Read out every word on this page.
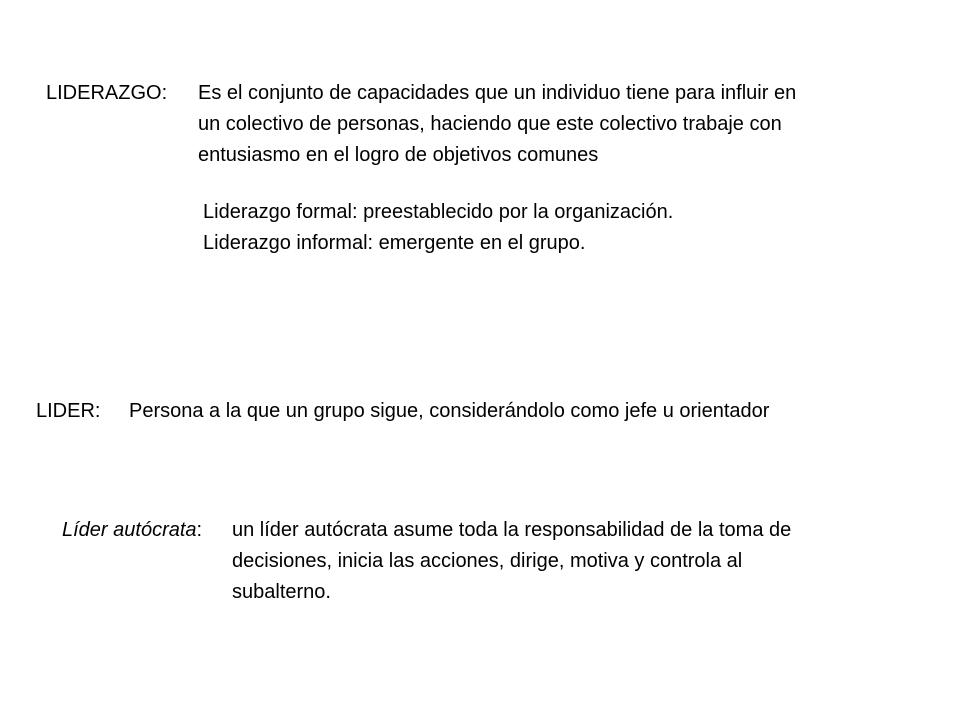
LIDERAZGO: Es el conjunto de capacidades que un individuo tiene para influir en
un colectivo de personas, haciendo que este colectivo trabaje con
entusiasmo en el logro de objetivos comunes
Liderazgo formal: preestablecido por la organización.
Liderazgo informal: emergente en el grupo.
LIDER: Persona a la que un grupo sigue, considerándolo como jefe u orientador
Líder autócrata: un líder autócrata asume toda la responsabilidad de la toma de
decisiones, inicia las acciones, dirige, motiva y controla al
subalterno.
